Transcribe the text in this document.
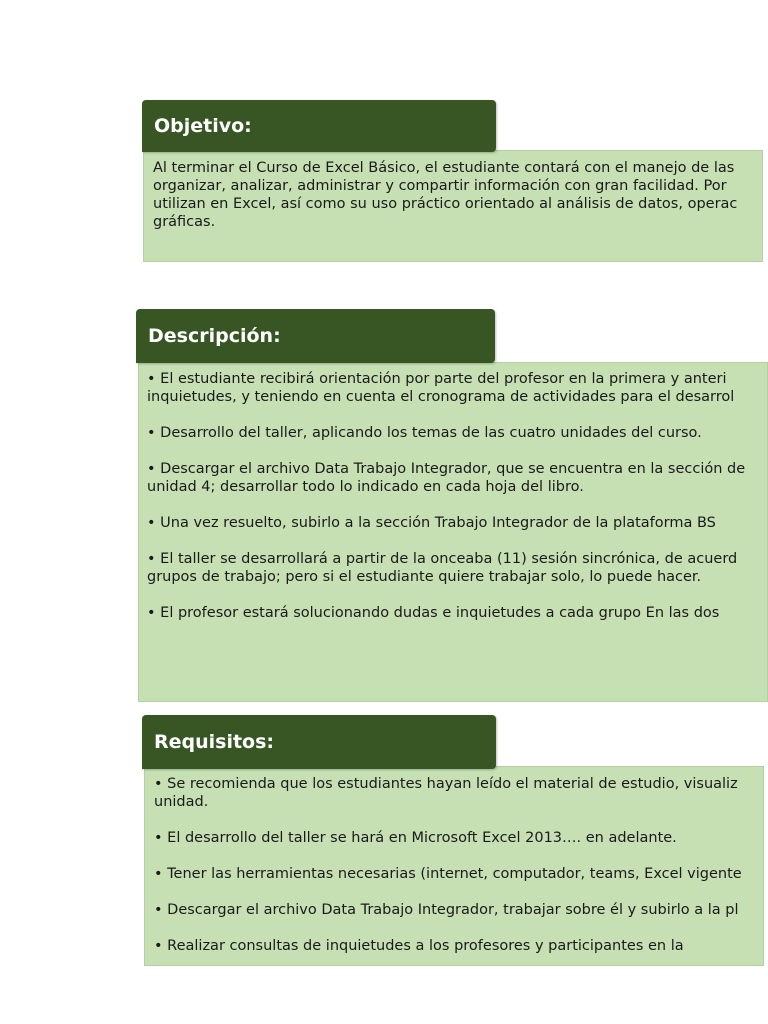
Al terminar el Curso de Excel Básico, el estudiante contará con el manejo de las
organizar, analizar, administrar y compartir información con gran facilidad. Por
utilizan en Excel, así como su uso práctico orientado al análisis de datos, operac
gráficas.
Objetivo:
• El estudiante recibirá orientación por parte del profesor en la primera y anteri
inquietudes, y teniendo en cuenta el cronograma de actividades para el desarrol
• Desarrollo del taller, aplicando los temas de las cuatro unidades del curso.
• Descargar el archivo Data Trabajo Integrador, que se encuentra en la sección de
unidad 4; desarrollar todo lo indicado en cada hoja del libro.
• Una vez resuelto, subirlo a la sección Trabajo Integrador de la plataforma BS
• El taller se desarrollará a partir de la onceaba (11) sesión sincrónica, de acuerd
grupos de trabajo; pero si el estudiante quiere trabajar solo, lo puede hacer.
• El profesor estará solucionando dudas e inquietudes a cada grupo En las dos
Descripción:
• Se recomienda que los estudiantes hayan leído el material de estudio, visualiz
unidad.
• El desarrollo del taller se hará en Microsoft Excel 2013…. en adelante.
• Tener las herramientas necesarias (internet, computador, teams, Excel vigente
• Descargar el archivo Data Trabajo Integrador, trabajar sobre él y subirlo a la pl
• Realizar consultas de inquietudes a los profesores y participantes en la
Requisitos:
